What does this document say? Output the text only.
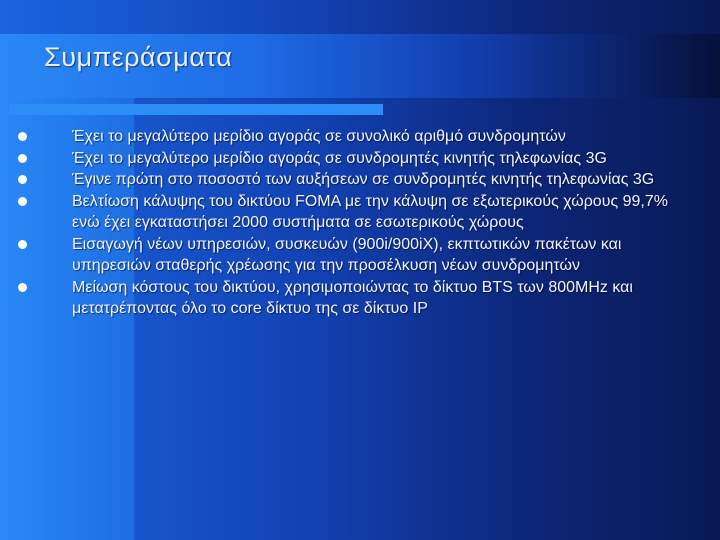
Συμπεράσματα
Έχει το μεγαλύτερο μερίδιο αγοράς σε συνολικό αριθμό συνδρομητών
Έχει το μεγαλύτερο μερίδιο αγοράς σε συνδρομητές κινητής τηλεφωνίας 3G
Έγινε πρώτη στο ποσοστό των αυξήσεων σε συνδρομητές κινητής τηλεφωνίας 3G
Βελτίωση κάλυψης του δικτύου FOMA με την κάλυψη σε εξωτερικούς χώρους 99,7% ενώ έχει εγκαταστήσει 2000 συστήματα σε εσωτερικούς χώρους
Εισαγωγή νέων υπηρεσιών, συσκευών (900i/900iX), εκπτωτικών πακέτων και υπηρεσιών σταθερής χρέωσης για την προσέλκυση νέων συνδρομητών
Μείωση κόστους του δικτύου, χρησιμοποιώντας το δίκτυο BTS των 800MHz και μετατρέποντας όλο το core δίκτυο της σε δίκτυο IP
